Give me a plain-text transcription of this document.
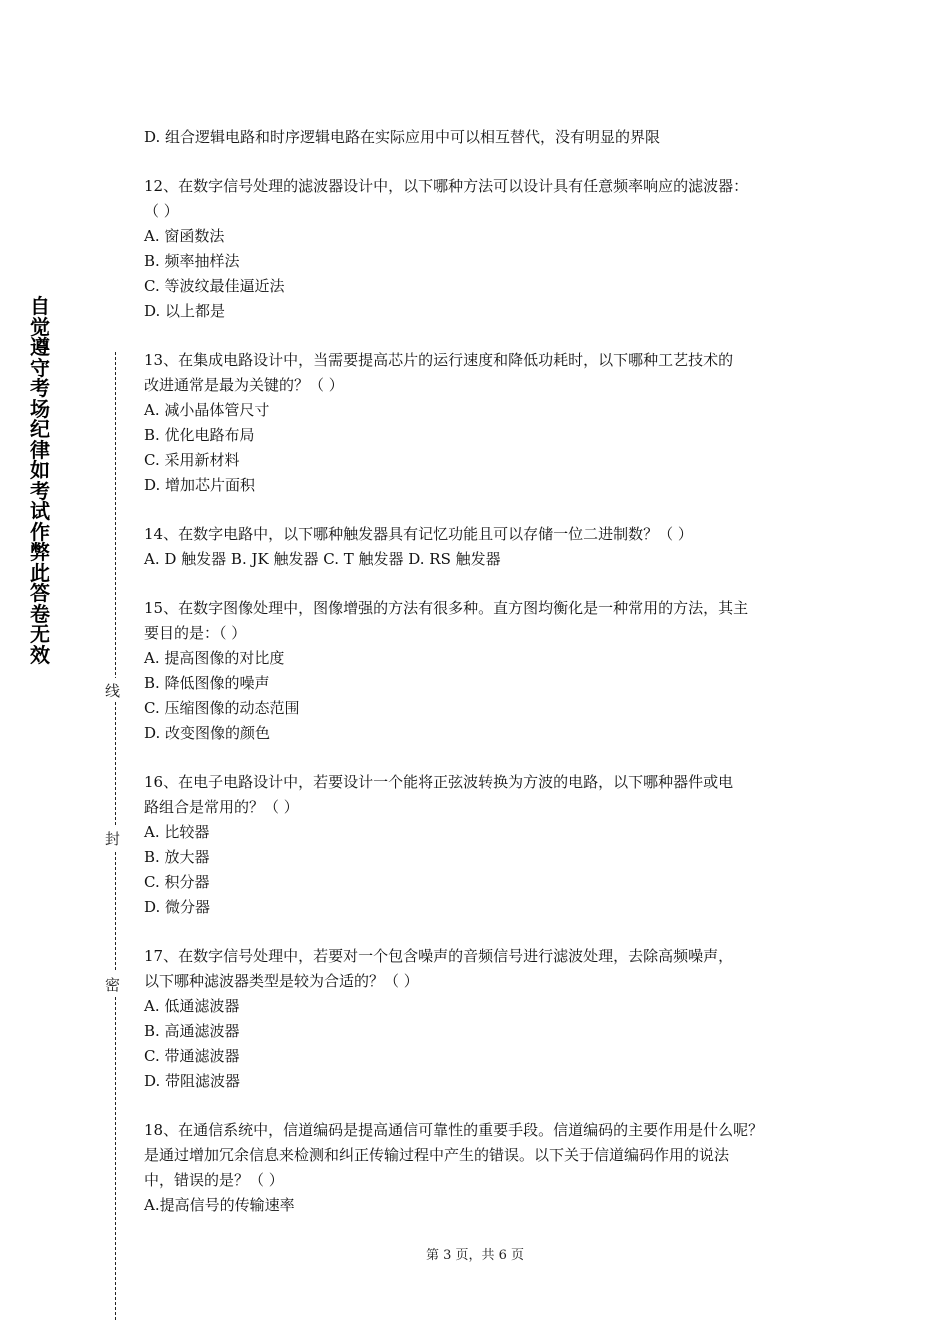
自觉遵守考场纪律如考试作弊此答卷无效
线
封
密
D. 组合逻辑电路和时序逻辑电路在实际应用中可以相互替代，没有明显的界限
12、在数字信号处理的滤波器设计中，以下哪种方法可以设计具有任意频率响应的滤波器：
（ ）
A. 窗函数法
B. 频率抽样法
C. 等波纹最佳逼近法
D. 以上都是
13、在集成电路设计中，当需要提高芯片的运行速度和降低功耗时，以下哪种工艺技术的
改进通常是最为关键的？（ ）
A. 减小晶体管尺寸
B. 优化电路布局
C. 采用新材料
D. 增加芯片面积
14、在数字电路中，以下哪种触发器具有记忆功能且可以存储一位二进制数？（ ）
A. D 触发器 B. JK 触发器 C. T 触发器 D. RS 触发器
15、在数字图像处理中，图像增强的方法有很多种。直方图均衡化是一种常用的方法，其主
要目的是：（ ）
A. 提高图像的对比度
B. 降低图像的噪声
C. 压缩图像的动态范围
D. 改变图像的颜色
16、在电子电路设计中，若要设计一个能将正弦波转换为方波的电路，以下哪种器件或电
路组合是常用的？（ ）
A. 比较器
B. 放大器
C. 积分器
D. 微分器
17、在数字信号处理中，若要对一个包含噪声的音频信号进行滤波处理，去除高频噪声，
以下哪种滤波器类型是较为合适的？（ ）
A. 低通滤波器
B. 高通滤波器
C. 带通滤波器
D. 带阻滤波器
18、在通信系统中，信道编码是提高通信可靠性的重要手段。信道编码的主要作用是什么呢？
是通过增加冗余信息来检测和纠正传输过程中产生的错误。以下关于信道编码作用的说法
中，错误的是？（ ）
A.提高信号的传输速率
第 3 页，共 6 页
